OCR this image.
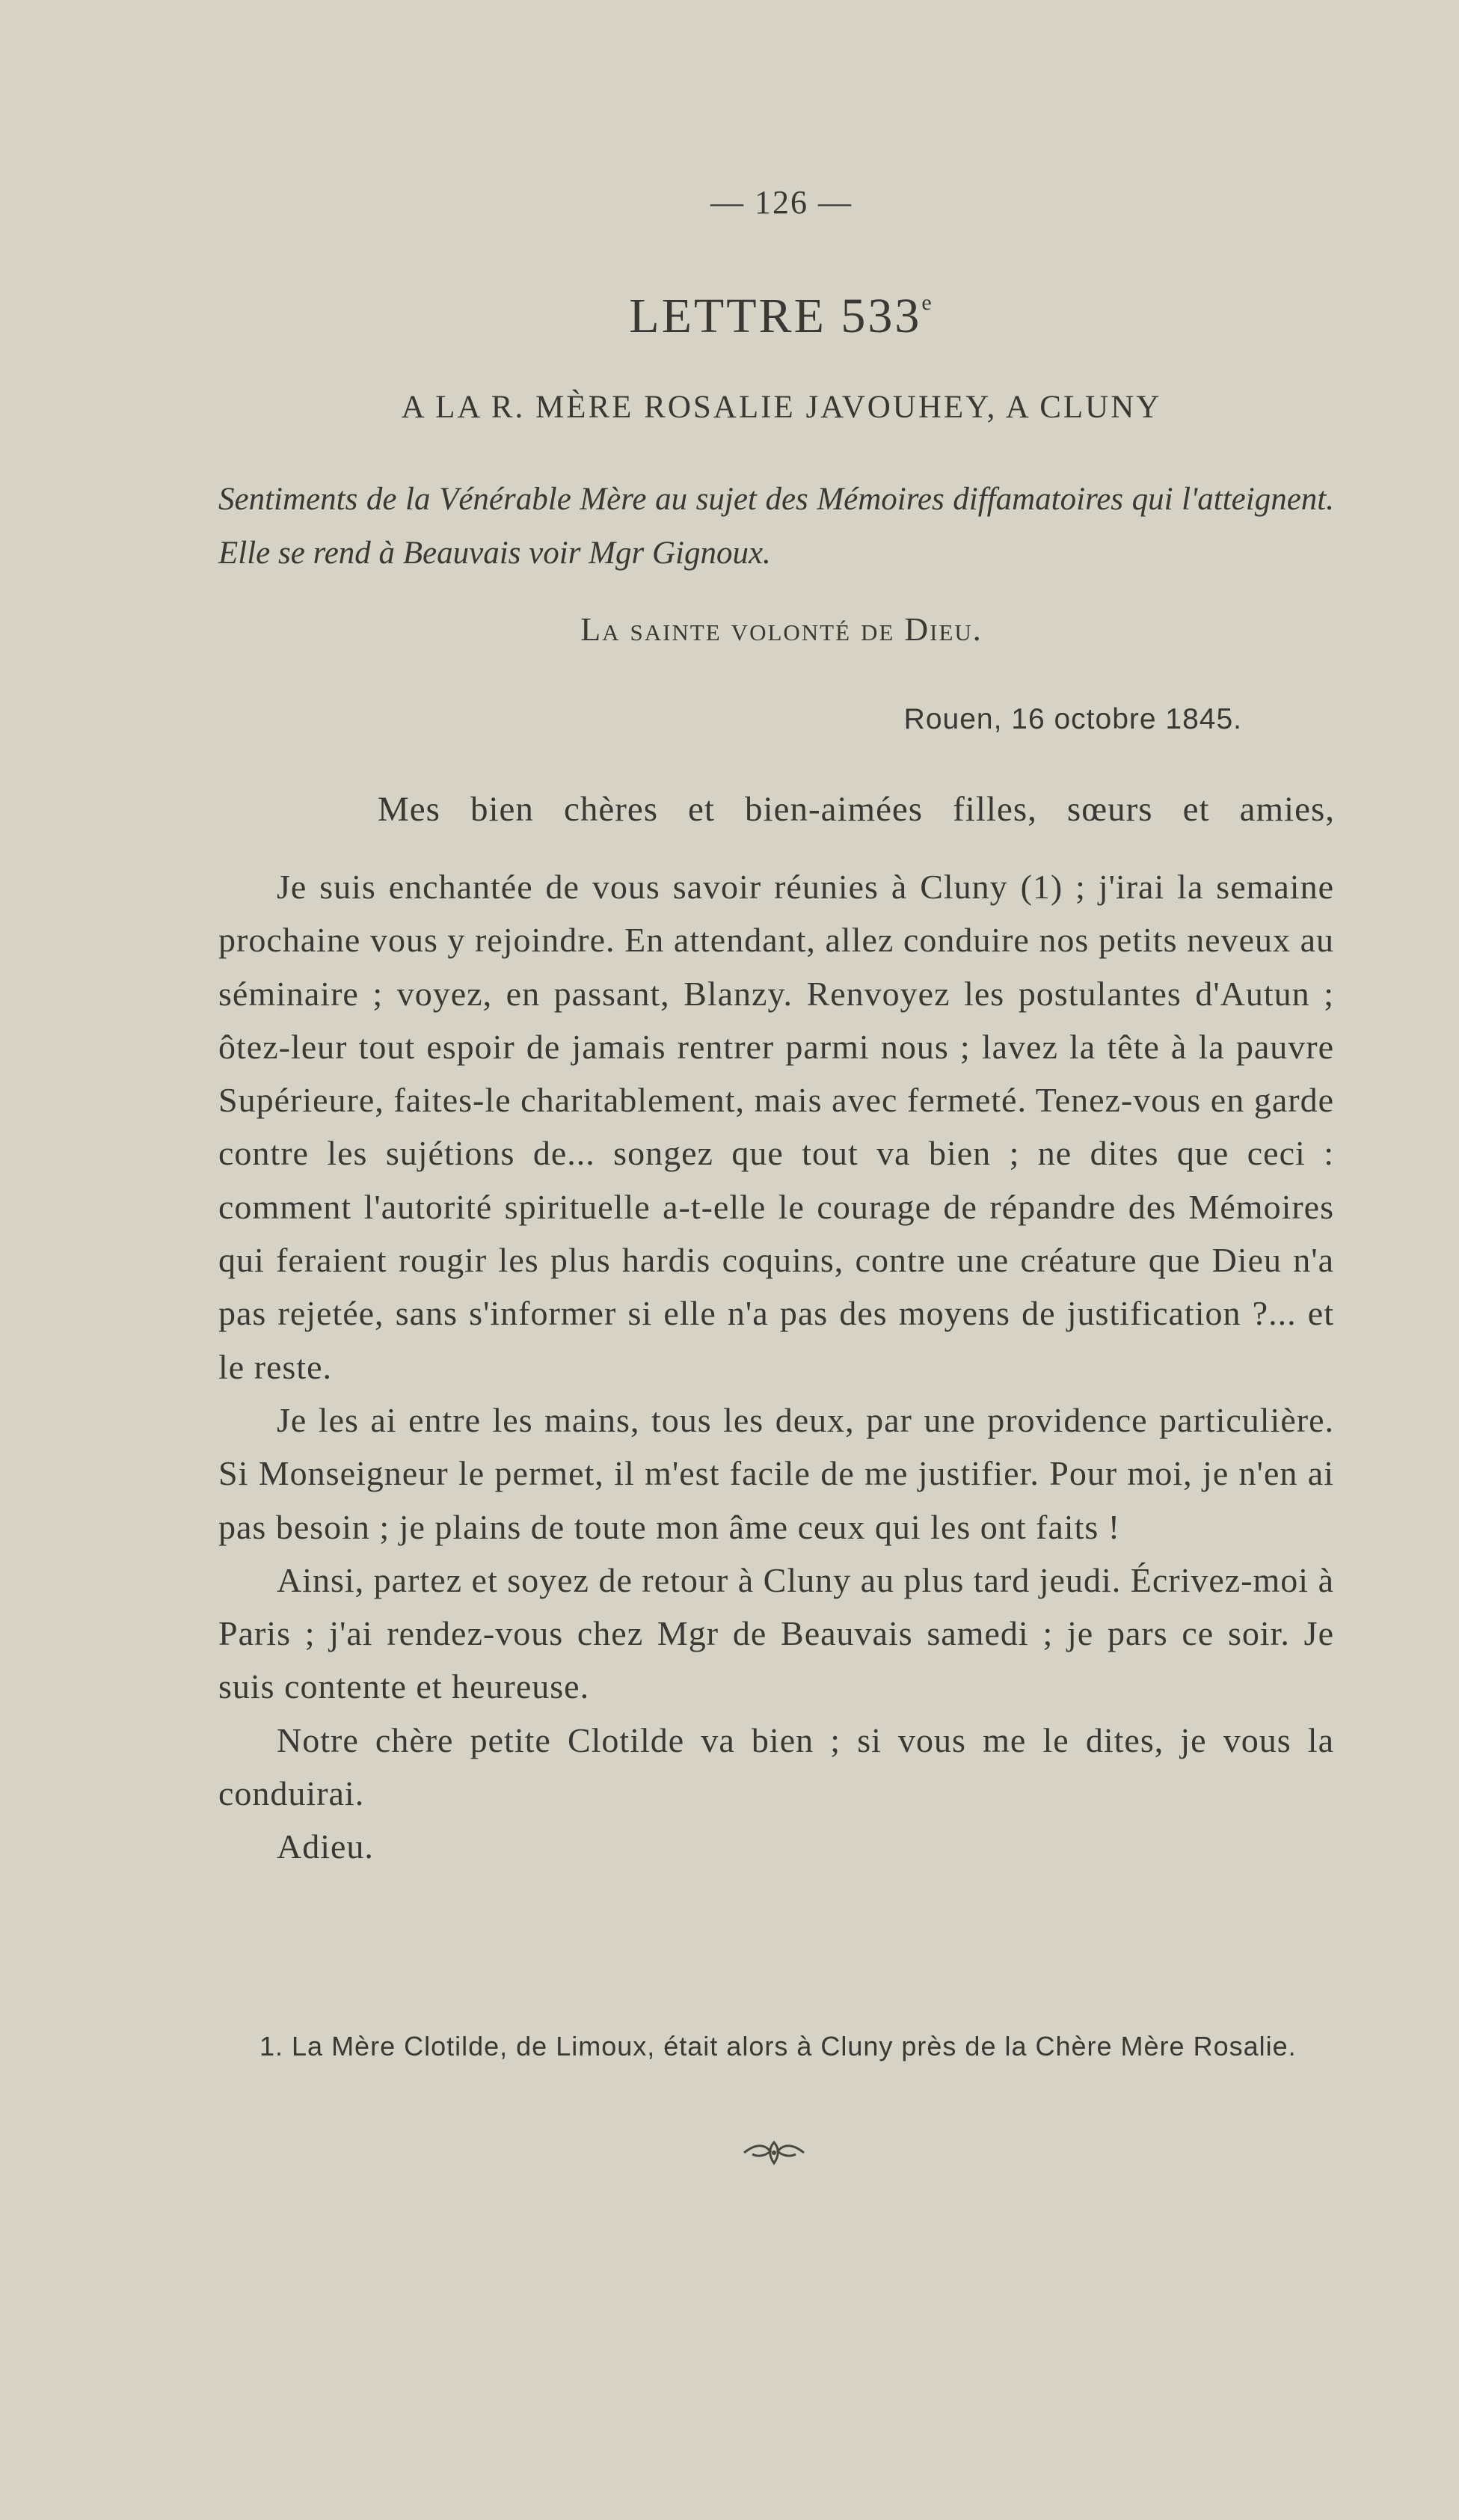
— 126 —
LETTRE 533e
A LA R. MÈRE ROSALIE JAVOUHEY, A CLUNY
Sentiments de la Vénérable Mère au sujet des Mémoires diffamatoires qui l'atteignent. Elle se rend à Beauvais voir Mgr Gignoux.
La sainte volonté de Dieu.
Rouen, 16 octobre 1845.
Mes bien chères et bien-aimées filles, sœurs et amies,

Je suis enchantée de vous savoir réunies à Cluny (1) ; j'irai la semaine prochaine vous y rejoindre. En attendant, allez conduire nos petits neveux au séminaire ; voyez, en passant, Blanzy. Renvoyez les postulantes d'Autun ; ôtez-leur tout espoir de jamais rentrer parmi nous ; lavez la tête à la pauvre Supérieure, faites-le charitablement, mais avec fermeté. Tenez-vous en garde contre les sujétions de... songez que tout va bien ; ne dites que ceci : comment l'autorité spirituelle a-t-elle le courage de répandre des Mémoires qui feraient rougir les plus hardis coquins, contre une créature que Dieu n'a pas rejetée, sans s'informer si elle n'a pas des moyens de justification ?... et le reste.

Je les ai entre les mains, tous les deux, par une providence particulière. Si Monseigneur le permet, il m'est facile de me justifier. Pour moi, je n'en ai pas besoin ; je plains de toute mon âme ceux qui les ont faits !

Ainsi, partez et soyez de retour à Cluny au plus tard jeudi. Écrivez-moi à Paris ; j'ai rendez-vous chez Mgr de Beauvais samedi ; je pars ce soir. Je suis contente et heureuse.

Notre chère petite Clotilde va bien ; si vous me le dites, je vous la conduirai.

Adieu.

1. La Mère Clotilde, de Limoux, était alors à Cluny près de la Chère Mère Rosalie.
